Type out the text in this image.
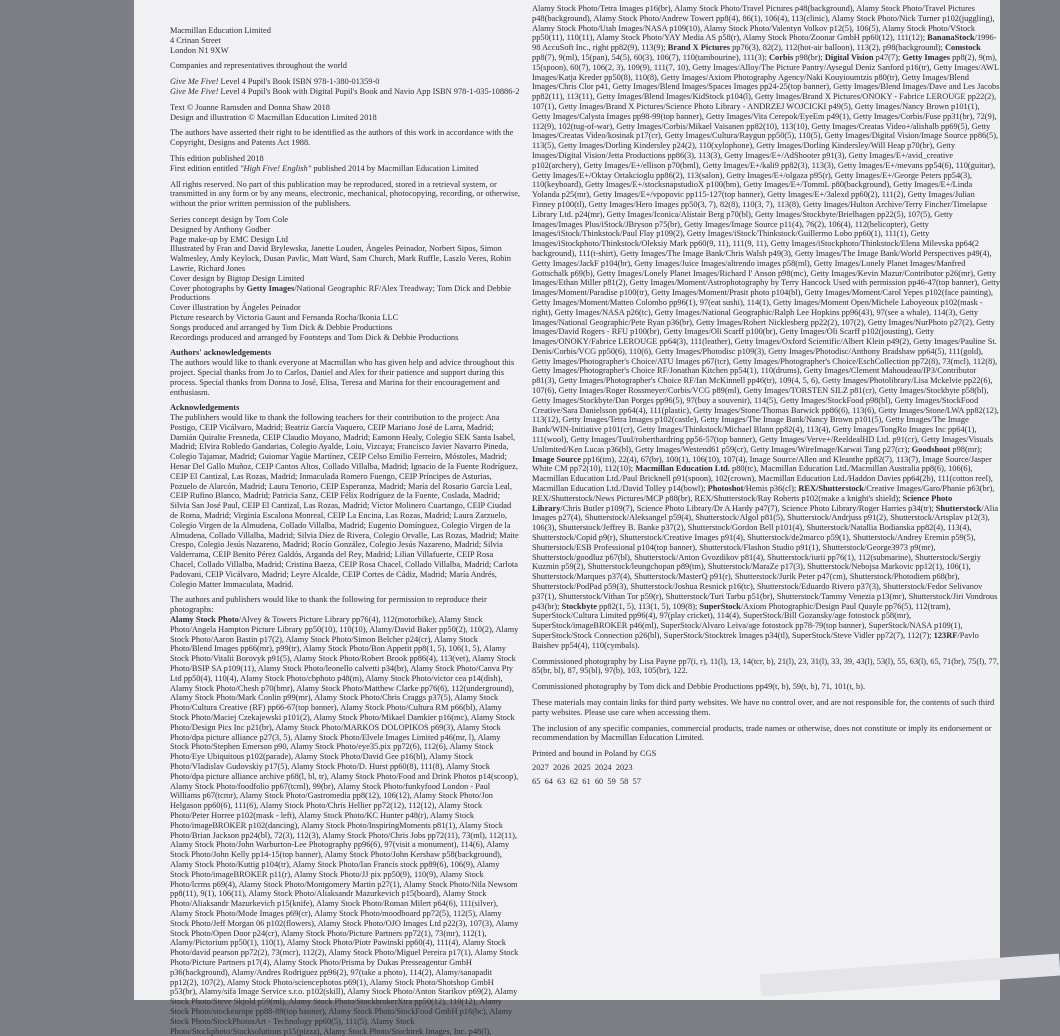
Macmillan Education Limited
4 Crinan Street
London N1 9XW

Companies and representatives throughout the world

Give Me Five! Level 4 Pupil's Book ISBN 978-1-380-01359-0
Give Me Five! Level 4 Pupil's Book with Digital Pupil's Book and Navio App ISBN 978-1-035-10886-2
Text © Joanne Ramsden and Donna Shaw 2018
Design and illustration © Macmillan Education Limited 2018

The authors have asserted their right to be identified as the authors of this work in accordance with the Copyright, Designs and Patents Act 1988.

This edition published 2018
First edition entitled "High Five! English" published 2014 by Macmillan Education Limited

All rights reserved. No part of this publication may be reproduced, stored in a retrieval system, or transmitted in any form or by any means, electronic, mechanical, photocopying, recording, or otherwise, without the prior written permission of the publishers.

Series concept design by Tom Cole
Designed by Anthony Godber
Page make-up by EMC Design Ltd
Illustrated by Fran and David Brylewska, Janette Louden, Ángeles Peinador, Norbert Sipos, Simon Walmesley, Andy Keylock, Dusan Pavlic, Matt Ward, Sam Church, Mark Ruffle, Laszlo Veres, Robin Lawrie, Richard Jones
Cover design by Bigtop Design Limited
Cover photographs by Getty Images/National Geographic RF/Alex Treadway; Tom Dick and Debbie Productions
Cover illustration by Ángeles Peinador
Picture research by Victoria Gaunt and Fernanda Rocha/Ikonia LLC
Songs produced and arranged by Tom Dick & Debbie Productions
Recordings produced and arranged by Footsteps and Tom Dick & Debbie Productions
Authors' acknowledgements
The authors would like to thank everyone at Macmillan who has given help and advice throughout this project. Special thanks from Jo to Carlos, Daniel and Alex for their patience and support during this process. Special thanks from Donna to José, Elisa, Teresa and Marina for their encouragement and enthusiasm.
Acknowledgements
The publishers would like to thank the following teachers for their contribution to the project: Ana Postigo, CEIP Vicálvaro, Madrid; Beatriz García Vaquero, CEIP Mariano José de Larra, Madrid; Damián Quiralte Fresneda, CEIP Claudio Moyano, Madrid; Eamonn Healy, Colegio SEK Santa Isabel, Madrid; Elvira Robledo Gandarias, Colegio Ayalde, Loiu, Vizcaya; Francisco Javier Navarro Pineda, Colegio Tajamar, Madrid; Guiomar Yagüe Martínez, CEIP Celso Emilio Ferreiro, Móstoles, Madrid; Henar Del Gallo Muñoz, CEIP Cantos Altos, Collado Villalba, Madrid; Ignacio de la Fuente Rodríguez, CEIP El Cantizal, Las Rozas, Madrid; Inmaculada Romero Fuengo, CEIP Príncipes de Asturias, Pozuelo de Alarcón, Madrid; Laura Tenorio, CEIP Esperanza, Madrid; María del Rosario García Leal, CEIP Rufino Blanco, Madrid; Patricia Sanz, CEIP Félix Rodríguez de la Fuente, Coslada, Madrid; Silvia San José Paul, CEIP El Cantizal, Las Rozas, Madrid; Víctor Molinero Cuartango, CEIP Ciudad de Roma, Madrid; Virginia Escalona Monreal, CEIP La Encina, Las Rozas, Madrid; Laura Zarzuelo, Colegio Virgen de la Almudena, Collado Villalba, Madrid; Eugenio Domínguez, Colegio Virgen de la Almudena, Collado Villalba, Madrid; Silvia Díez de Rivera, Colegio Orvalle, Las Rozas, Madrid; Maite Crespo, Colegio Jesús Nazareno, Madrid; Rocío González, Colegio Jesús Nazareno, Madrid; Silvia Valderrama, CEIP Benito Pérez Galdós, Arganda del Rey, Madrid; Lilian Villafuerte, CEIP Rosa Chacel, Collado Villalba, Madrid; Cristina Baeza, CEIP Rosa Chacel, Collado Villalba, Madrid; Carlota Padovani, CEIP Vicálvaro, Madrid; Leyre Alcalde, CEIP Cortes de Cádiz, Madrid; María Andrés, Colegio Matter Immaculata, Madrid.
The authors and publishers would like to thank the following for permission to reproduce their photographs:
Alamy Stock Photo/Alvey & Towers Picture Library pp76(4), 112(motorbike), Alamy Stock Photo/Angela Hampton Picture Library pp50(10), 110(10), Alamy/David Baker pp50(2), 110(2), Alamy Stock Photo/Aaron Bastin p17(2), Alamy Stock Photo/Simon Belcher p24(cr), Alamy Stock Photo/Blend Images pp66(mr), p99(tr), Alamy Stock Photo/Bon Appetit pp8(1, 5), 106(1, 5), Alamy Stock Photo/Vitalii Borovyk p91(5), Alamy Stock Photo/Robert Brook pp86(4), 113(vet), Alamy Stock Photo/BSIP SA p109(11), Alamy Stock Photo/leonello calvetti p34(br), Alamy Stock Photo/Canva Pty Ltd pp50(4), 110(4), Alamy Stock Photo/cbphoto p48(m), Alamy Stock Photo/victor cea p14(dish), Alamy Stock Photo/Chesh p70(bmr), Alamy Stock Photo/Matthew Clarke pp76(6), 112(underground), Alamy Stock Photo/Mark Conlin p99(mr), Alamy Stock Photo/Chris Craggs p37(5), Alamy Stock Photo/Cultura Creative (RF) pp66-67(top banner), Alamy Stock Photo/Cultura RM p66(bl), Alamy Stock Photo/Maciej Czekajewski p101(2), Alamy Stock Photo/Mikael Damkier p16(mc), Alamy Stock Photo/Design Pics Inc p21(br), Alamy Stock Photo/MARKOS DOLOPIKOS p69(3), Alamy Stock Photo/dpa picture alliance p27(3, 5), Alamy Stock Photo/Elvele Images Limited p46(mr, l), Alamy Stock Photo/Stephen Emerson p90, Alamy Stock Photo/eye35.pix pp72(6), 112(6), Alamy Stock Photo/Eye Ubiquitous p102(parade), Alamy Stock Photo/David Gee p16(bl), Alamy Stock Photo/Vladislav Gudovskiy p17(5), Alamy Stock Photo/D. Hurst pp60(8), 111(8), Alamy Stock Photo/dpa picture alliance archive p68(l, bl, tr), Alamy Stock Photo/Food and Drink Photos p14(scoop), Alamy Stock Photo/foodfolio pp67(tcml), 99(br), Alamy Stock Photo/funkyfood London - Paul Williams p67(tcmr), Alamy Stock Photo/Gastromedia pp8(12), 106(12), Alamy Stock Photo/Jon Helgason pp60(6), 111(6), Alamy Stock Photo/Chris Hellier pp72(12), 112(12), Alamy Stock Photo/Peter Horree p102(mask - left), Alamy Stock Photo/KC Hunter p48(r), Alamy Stock Photo/imageBROKER p102(dancing), Alamy Stock Photo/InspiringMoments p81(1), Alamy Stock Photo/Brian Jackson pp24(bl), 72(3), 112(3), Alamy Stock Photo/Chris Jobs pp72(11), 73(ml), 112(11), Alamy Stock Photo/John Warburton-Lee Photography pp96(6), 97(visit a monument), 114(6), Alamy Stock Photo/John Kelly pp14-15(top banner), Alamy Stock Photo/John Kershaw p58(background), Alamy Stock Photo/Kuttig p104(tr), Alamy Stock Photo/Ian Francis stock pp89(6), 106(9), Alamy Stock Photo/imageBROKER p11(r), Alamy Stock Photo/JJ pix pp50(9), 110(9), Alamy Stock Photo/lcrms p69(4), Alamy Stock Photo/Montgomery Martin p27(1), Alamy Stock Photo/Nila Newsom pp8(11), 9(1), 106(11), Alamy Stock Photo/Aliaksandr Mazurkevich p15(board), Alamy Stock Photo/Aliaksandr Mazurkevich p15(knife), Alamy Stock Photo/Roman Milert p64(6), 111(silver), Alamy Stock Photo/Mode Images p69(cr), Alamy Stock Photo/moodboard pp72(5), 112(5), Alamy Stock Photo/Jeff Morgan 06 p102(flowers), Alamy Stock Photo/OJO Images Ltd p22(3), 107(3), Alamy Stock Photo/Open Door p24(cr), Alamy Stock Photo/Picture Partners pp72(1), 73(mr), 112(1), Alamy/Pictorium pp50(1), 110(1), Alamy Stock Photo/Piotr Pawinski pp60(4), 111(4), Alamy Stock Photo/david pearson pp72(2), 73(mcr), 112(2), Alamy Stock Photo/Miguel Pereira p17(1), Alamy Stock Photo/Picture Partners p17(4), Alamy Stock Photo/Prisma by Dukas Presseagentur GmbH p36(background), Alamy/Andres Rodriguez pp96(2), 97(take a photo), 114(2), Alamy/sanapadit pp12(2), 107(2), Alamy Stock Photo/sciencephotos p69(1), Alamy Stock Photo/Shotshop GmbH p53(br), Alamy/sifa Image Service s.r.o. p102(skill), Alamy Stock Photo/Anton Starikov p69(2), Alamy Stock Photo/Steve Skjold p59(ml), Alamy Stock Photo/StockbrokerXtra pp50(12), 110(12), Alamy Stock Photo/stockeurope pp88-89(top banner), Alamy Stock Photo/StockFood GmbH p16(bc), Alamy Stock Photo/StockPhotosArt - Technology pp60(5), 111(5), Alamy Stock Photo/Stockphoto/Stocksolutions p15(pizza), Alamy Stock Photo/Stocktrek Images, Inc. p48(l),
Alamy Stock Photo/Tetra Images p16(br), Alamy Stock Photo/Travel Pictures p48(background), Alamy Stock Photo/Travel Pictures p48(background), Alamy Stock Photo/Andrew Towert pp8(4), 86(1), 106(4), 113(clinic), Alamy Stock Photo/Nick Turner p102(juggling), Alamy Stock Photo/Utah Images/NASA p109(10), Alamy Stock Photo/Valentyn Volkov p12(5), 106(5), Alamy Stock Photo/VStock pp50(11), 110(11), Alamy Stock Photo/YAY Media AS p58(r), Alamy Stock Photo/Zoonar GmbH pp60(12), 111(12); BananaStock/1996-98 AccuSoft Inc., right pp82(9), 113(9); Brand X Pictures pp76(3), 82(2), 112(hot-air balloon), 113(2), p98(background); Comstock pp8(7), 9(ml), 15(pan), 54(5), 60(3), 106(7), 110(tambourine), 111(3); Corbis p98(br); Digital Vision p47(7); Getty Images pp8(2), 9(m), 15(spoon), 60(7), 106(2, 3), 109(9), 111(7, 10), Getty Images/Alloy/The Picture Pantry/Aysegul Deniz Sanford p16(tr), Getty Images/AWL Images/Katja Kreder pp50(8), 110(8), Getty Images/Axiom Photography Agency/Naki Kouyioumtzis p80(tr), Getty Images/Blend Images/Chris Clor p41, Getty Images/Blend Images/Spaces Images pp24-25(top banner), Getty Images/Blend Images/Dave and Les Jacobs pp82(11), 113(11), Getty Images/Blend Images/KidStock p104(l), Getty Images/Brand X Pictures/ONOKY - Fabrice LEROUGE pp22(2), 107(1), Getty Images/Brand X Pictures/Science Photo Library - ANDRZEJ WOJCICKI p49(5), Getty Images/Nancy Brown p101(1), Getty Images/Calysta Images pp98-99(top banner), Getty Images/Vita Cerepok/EyeEm p49(1), Getty Images/Corbis/Fuse pp31(br), 72(9), 112(9), 102(tug-of-war), Getty Images/Corbis/Mikael Vaisanen pp82(10), 113(10), Getty Images/Creatas Video+/alishalb pp69(5), Getty Images/Creatas Video/kosinak p17(cr), Getty Images/Cultura/Raygun pp50(5), 110(5), Getty Images/Digital Vision/Image Source pp86(5), 113(5), Getty Images/Dorling Kindersley p24(2), 110(xylophone), Getty Images/Dorling Kindersley/Will Heap p70(br), Getty Images/Digital Vision/Jetta Productions pp86(3), 113(3), Getty Images/E+/AdShooter p91(3), Getty Images/E+/avid_creative p102(archery), Getty Images/E+/ellison p70(bml), Getty Images/E+/kali9 pp82(3), 113(3), Getty Images/E+/mevans pp54(6), 110(guitar), Getty Images/E+/Oktay Ortakcioglu pp86(2), 113(salon), Getty Images/E+/olgaza p95(r), Getty Images/E+/George Peters pp54(3), 110(keyboard), Getty Images/E+/stocksnapstudioX p100(bm), Getty Images/E+/TommL p80(background), Getty Images/E+/Linda Yolanda p25(mr), Getty Images/E+/vpopovic pp115-127(top banner), Getty Images/E+/3alexd pp60(2), 111(2), Getty Images/Julian Finney p100(tl), Getty Images/Hero Images pp50(3, 7), 82(8), 110(3, 7), 113(8), Getty Images/Hulton Archive/Terry Fincher/Timelapse Library Ltd. p24(mr), Getty Images/Iconica/Alistair Berg p70(bl), Getty Images/Stockbyte/Brielhagen pp22(5), 107(5), Getty Images/Images Plus/iStock/JBryson p75(br), Getty Images/Image Source p11(4), 76(2), 106(4), 112(helicopter), Getty Images/iStock/Thinkstock/Paul Flay p109(2), Getty Images/iStock/Thinkstock/Guillermo Lobo pp60(1), 111(1), Getty Images/iStockphoto/Thinkstock/Oleksiy Mark pp60(9, 11), 111(9, 11), Getty Images/iStockphoto/Thinkstock/Elena Milevska pp64(2 background), 111(t-shirt), Getty Images/The Image Bank/Chris Walsh p49(3), Getty Images/The Image Bank/World Perspectives p49(4), Getty Images/JackF p104(br), Getty Images/Juice Images/altrendo images p58(ml), Getty Images/Lonely Planet Images/Manfred Gottschalk p69(b), Getty Images/Lonely Planet Images/Richard I' Anson p98(mc), Getty Images/Kevin Mazur/Contributor p26(mr), Getty Images/Ethan Miller p81(2), Getty Images/Moment/Astrophotography by Terry Hancock Used with permission pp46-47(top banner), Getty Images/Moment/Paradise p100(tr), Getty Images/Moment/Prasit photo p104(bl), Getty Images/Moment/Carol Yepes p102(face painting), Getty Images/Moment/Matteo Colombo pp96(1), 97(eat sushi), 114(1), Getty Images/Moment Open/Michele Laboyeoux p102(mask - right), Getty Images/NASA p26(tc), Getty Images/National Geographic/Ralph Lee Hopkins pp96(43), 97(see a whale), 114(3), Getty Images/National Geographic/Pete Ryan p36(br), Getty Images/Robert Nicklesberg pp22(2), 107(2), Getty Images/NurPhoto p27(2), Getty Images/David Rogers - RFU p100(br), Getty Images/Oli Scarff p100(br), Getty Images/Oli Scarff p102(jousting), Getty Images/ONOKY/Fabrice LEROUGE pp64(3), 111(leather), Getty Images/Oxford Scientific/Albert Klein p49(2), Getty Images/Pauline St. Denis/Corbis/VCG pp50(6), 110(6), Getty Images/Photodisc p109(3), Getty Images/Photodisc/Anthony Bradshaw pp64(5), 111(gold), Getty Images/Photographer's Choice/ATU Images p67(tcr), Getty Images/Photographer's Choice/EschCollection pp72(8), 73(mcl), 112(8), Getty Images/Photographer's Choice RF/Jonathan Kitchen pp54(1), 110(drums), Getty Images/Clement Mahoudeau/IP3/Contributor p81(3), Getty Images/Photographer's Choice RF/Ian McKinnell pp46(tr), 109(4, 5, 6), Getty Images/Photolibrary/Lisa Mckelvie pp22(6), 107(6), Getty Images/Roger Rossmeyer/Corbis/VCG p89(ml), Getty Images/TORSTEN SILZ p81(cr), Getty Images/Stockbyte p58(bl), Getty Images/Stockbyte/Dan Porges pp96(5), 97(buy a souvenir), 114(5), Getty Images/StockFood p98(bl), Getty Images/StockFood Creative/Sara Danielsson pp64(4), 111(plastic), Getty Images/Stone/Thomas Barwick pp86(6), 113(6), Getty Images/Stone/LWA pp82(12), 113(12), Getty Images/Tetra Images p102(castle), Getty Images/The Image Bank/Nancy Brown p101(5), Getty Images/The Image Bank/WIN-Initiative p101(cr), Getty Images/Thinkstock/Michael Blann pp82(4), 113(4), Getty Images/TongRo Images Inc pp64(1), 111(wool), Getty Images/Tuul/roberthardring pp56-57(top banner), Getty Images/Verve+/ReeldealHD Ltd. p91(cr), Getty Images/Visuals Unlimited/Ken Lucas p36(bl), Getty Images/Westend61 p59(cr), Getty Images/WireImage/Karwai Tang p27(cr); Goodshoot p98(mr); Image Source pp16(tm), 22(4), 67(br), 100(1), 106(10), 107(4), Image Source/Allen and Kleanthe pp82(7), 113(7), Image Source/Jasper White CM pp72(10), 112(10); Macmillan Education Ltd. p80(tc), Macmillan Education Ltd./Macmillan Australia pp8(6), 106(6), Macmillan Education Ltd./Paul Bricknell p91(spoon), 102(crown), Macmillan Education Ltd./Haddon Davies pp64(2b), 111(cotton reel), Macmillan Education Ltd./David Tolley p14(bowl); Photoshot/Hemis p36(cl); REX/Shutterstock/Creative Images/Garo/Phanie p63(br), REX/Shutterstock/News Pictures/MCP p88(br), REX/Shutterstock/Ray Roberts p102(make a knight's shield); Science Photo Library/Chris Butler p109(7), Science Photo Library/Dr A Hardy p47(7), Science Photo Library/Roger Harries p34(tr); Shutterstock/Alia Images p27(4), Shutterstock/Aleksangel p59(4), Shutterstock/Algol p81(5), Shutterstock/Andrjuss p91(2), Shutterstock/Artsplav p12(3), 106(3), Shutterstock/Jeffrey B. Banke p37(2), Shutterstock/Gordon Bell p101(4), Shutterstock/Natallia Bodianska pp82(4), 113(4), Shutterstock/Copid p9(r), Shutterstock/Creative Images p91(4), Shutterstock/de2marco p59(1), Shutterstock/Andrey Eremin p59(5), Shutterstock/ESB Professional p104(top banner), Shutterstock/Flashon Studio p91(1), Shutterstock/George3973 p9(mr), Shutterstock/goodluz p67(bl), Shutterstock/Anton Gvozdikov p81(4), Shutterstock/iurii pp76(1), 112(submarine), Shutterstock/Sergiy Kuzmin p59(2), Shutterstock/leungchopan p89(tm), Shutterstock/MaraZe p17(3), Shutterstock/Nebojsa Markovic pp12(1), 106(1), Shutterstock/Marques p37(4), Shutterstock/MasterQ p91(r), Shutterstock/Jurik Peter p47(cm), Shutterstock/Photodiem p68(br), Shutterstock/PodPad p59(3), Shutterstock/Joshua Resnick p16(tc), Shutterstock/Eduardo Rivero p37(3), Shutterstock/Fedor Selivanov p37(1), Shutterstock/Vithan Tor p59(r), Shutterstock/Turi Tarbu p51(br), Shutterstock/Tammy Venezia p13(mr), Shutterstock/Jiri Vondrous p43(br); Stockbyte pp82(1, 5), 113(1, 5), 109(8); SuperStock/Axiom Photographic/Design Paul Quayle pp76(5), 112(tram), SuperStock/Cultura Limited pp96(4), 97(play cricket), 114(4), SuperStock/Bill Gozansky/age fotostock p58(mr), SuperStock/imageBROKER p46(ml), SuperStock/Alvaro Leiva/age fotostock pp78-79(top banner), SuperStock/NASA p109(1), SuperStock/Stock Connection p26(bl), SuperStock/Stocktrek Images p34(tl), SuperStock/Steve Vidler pp72(7), 112(7); 123RF/Pavlo Baishev pp54(4), 110(cymbals).

Commissioned photography by Lisa Payne pp7(i, r), 11(l), 13, 14(tcr, b), 21(l), 23, 31(l), 33, 39, 43(l), 53(l), 55, 63(l), 65, 71(br), 75(l), 77, 85(br, bl), 87, 95(bl), 97(b), 103, 105(br), 122.

Commissioned photography by Tom dick and Debbie Productions pp49(t, b), 59(t, b), 71, 101(t, b).

These materials may contain links for third party websites. We have no control over, and are not responsible for, the contents of such third party websites. Please use care when accessing them.

The inclusion of any specific companies, commercial products, trade names or otherwise, does not constitute or imply its endorsement or recommendation by Macmillan Education Limited.

Printed and bound in Poland by CGS
2027  2026  2025  2024  2023
65  64  63  62  61  60  59  58  57
